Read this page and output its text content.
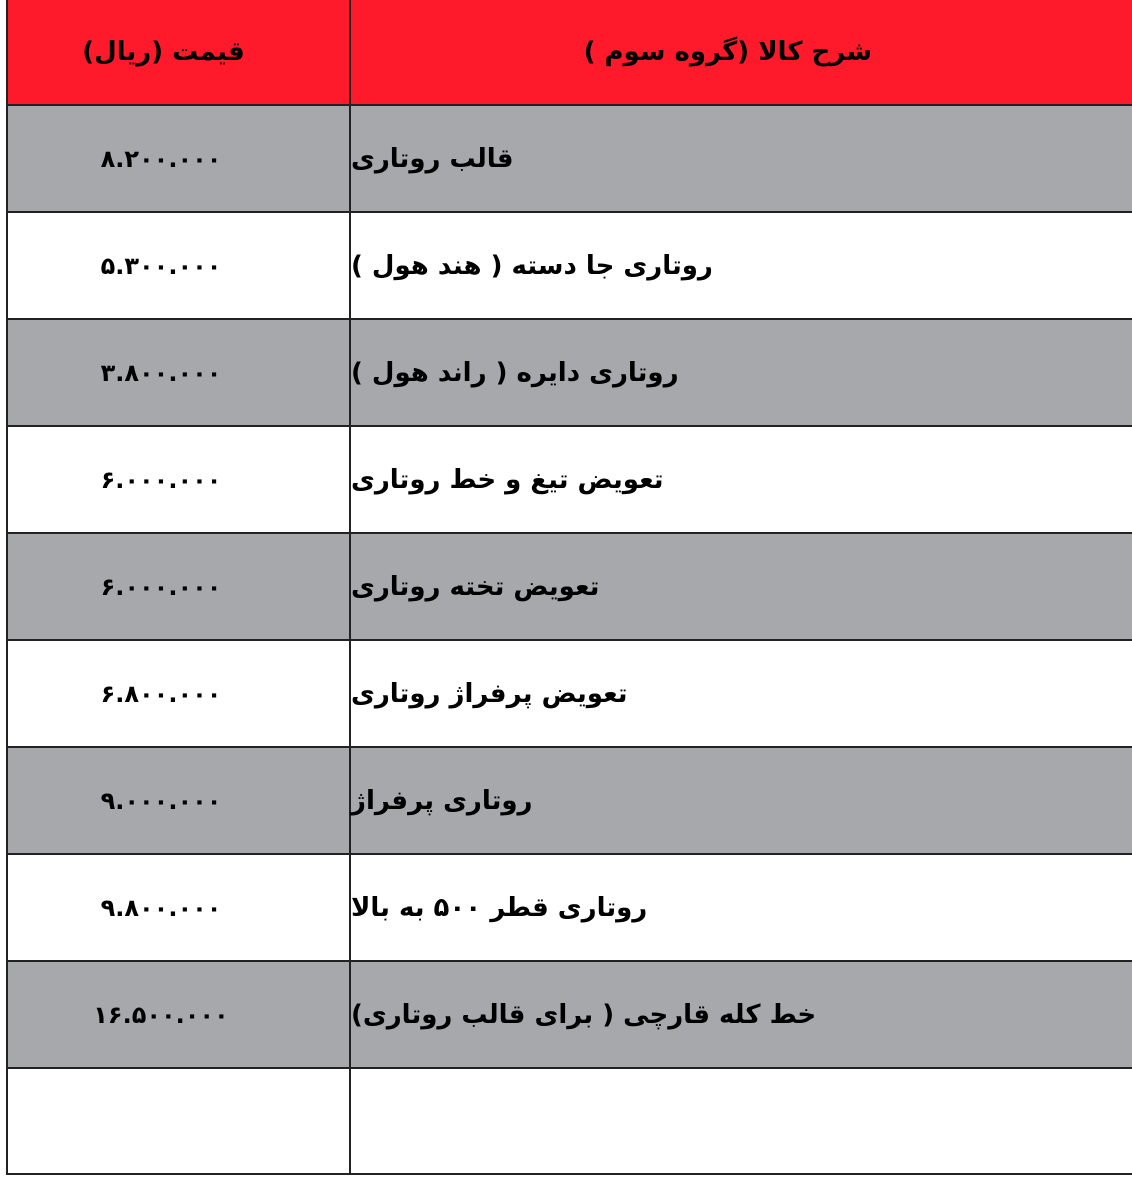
قیمت (ریال)	شرح کالا (گروه سوم )
۸.۲۰۰.۰۰۰	قالب روتاری
۵.۳۰۰.۰۰۰	روتاری جا دسته ( هند هول )
۳.۸۰۰.۰۰۰	روتاری دایره ( راند هول )
۶.۰۰۰.۰۰۰	تعویض تیغ و خط روتاری
۶.۰۰۰.۰۰۰	تعویض تخته روتاری
۶.۸۰۰.۰۰۰	تعویض پرفراژ روتاری
۹.۰۰۰.۰۰۰	روتاری پرفراژ
۹.۸۰۰.۰۰۰	روتاری قطر ۵۰۰ به بالا
۱۶.۵۰۰.۰۰۰	خط کله قارچی ( برای قالب روتاری)
